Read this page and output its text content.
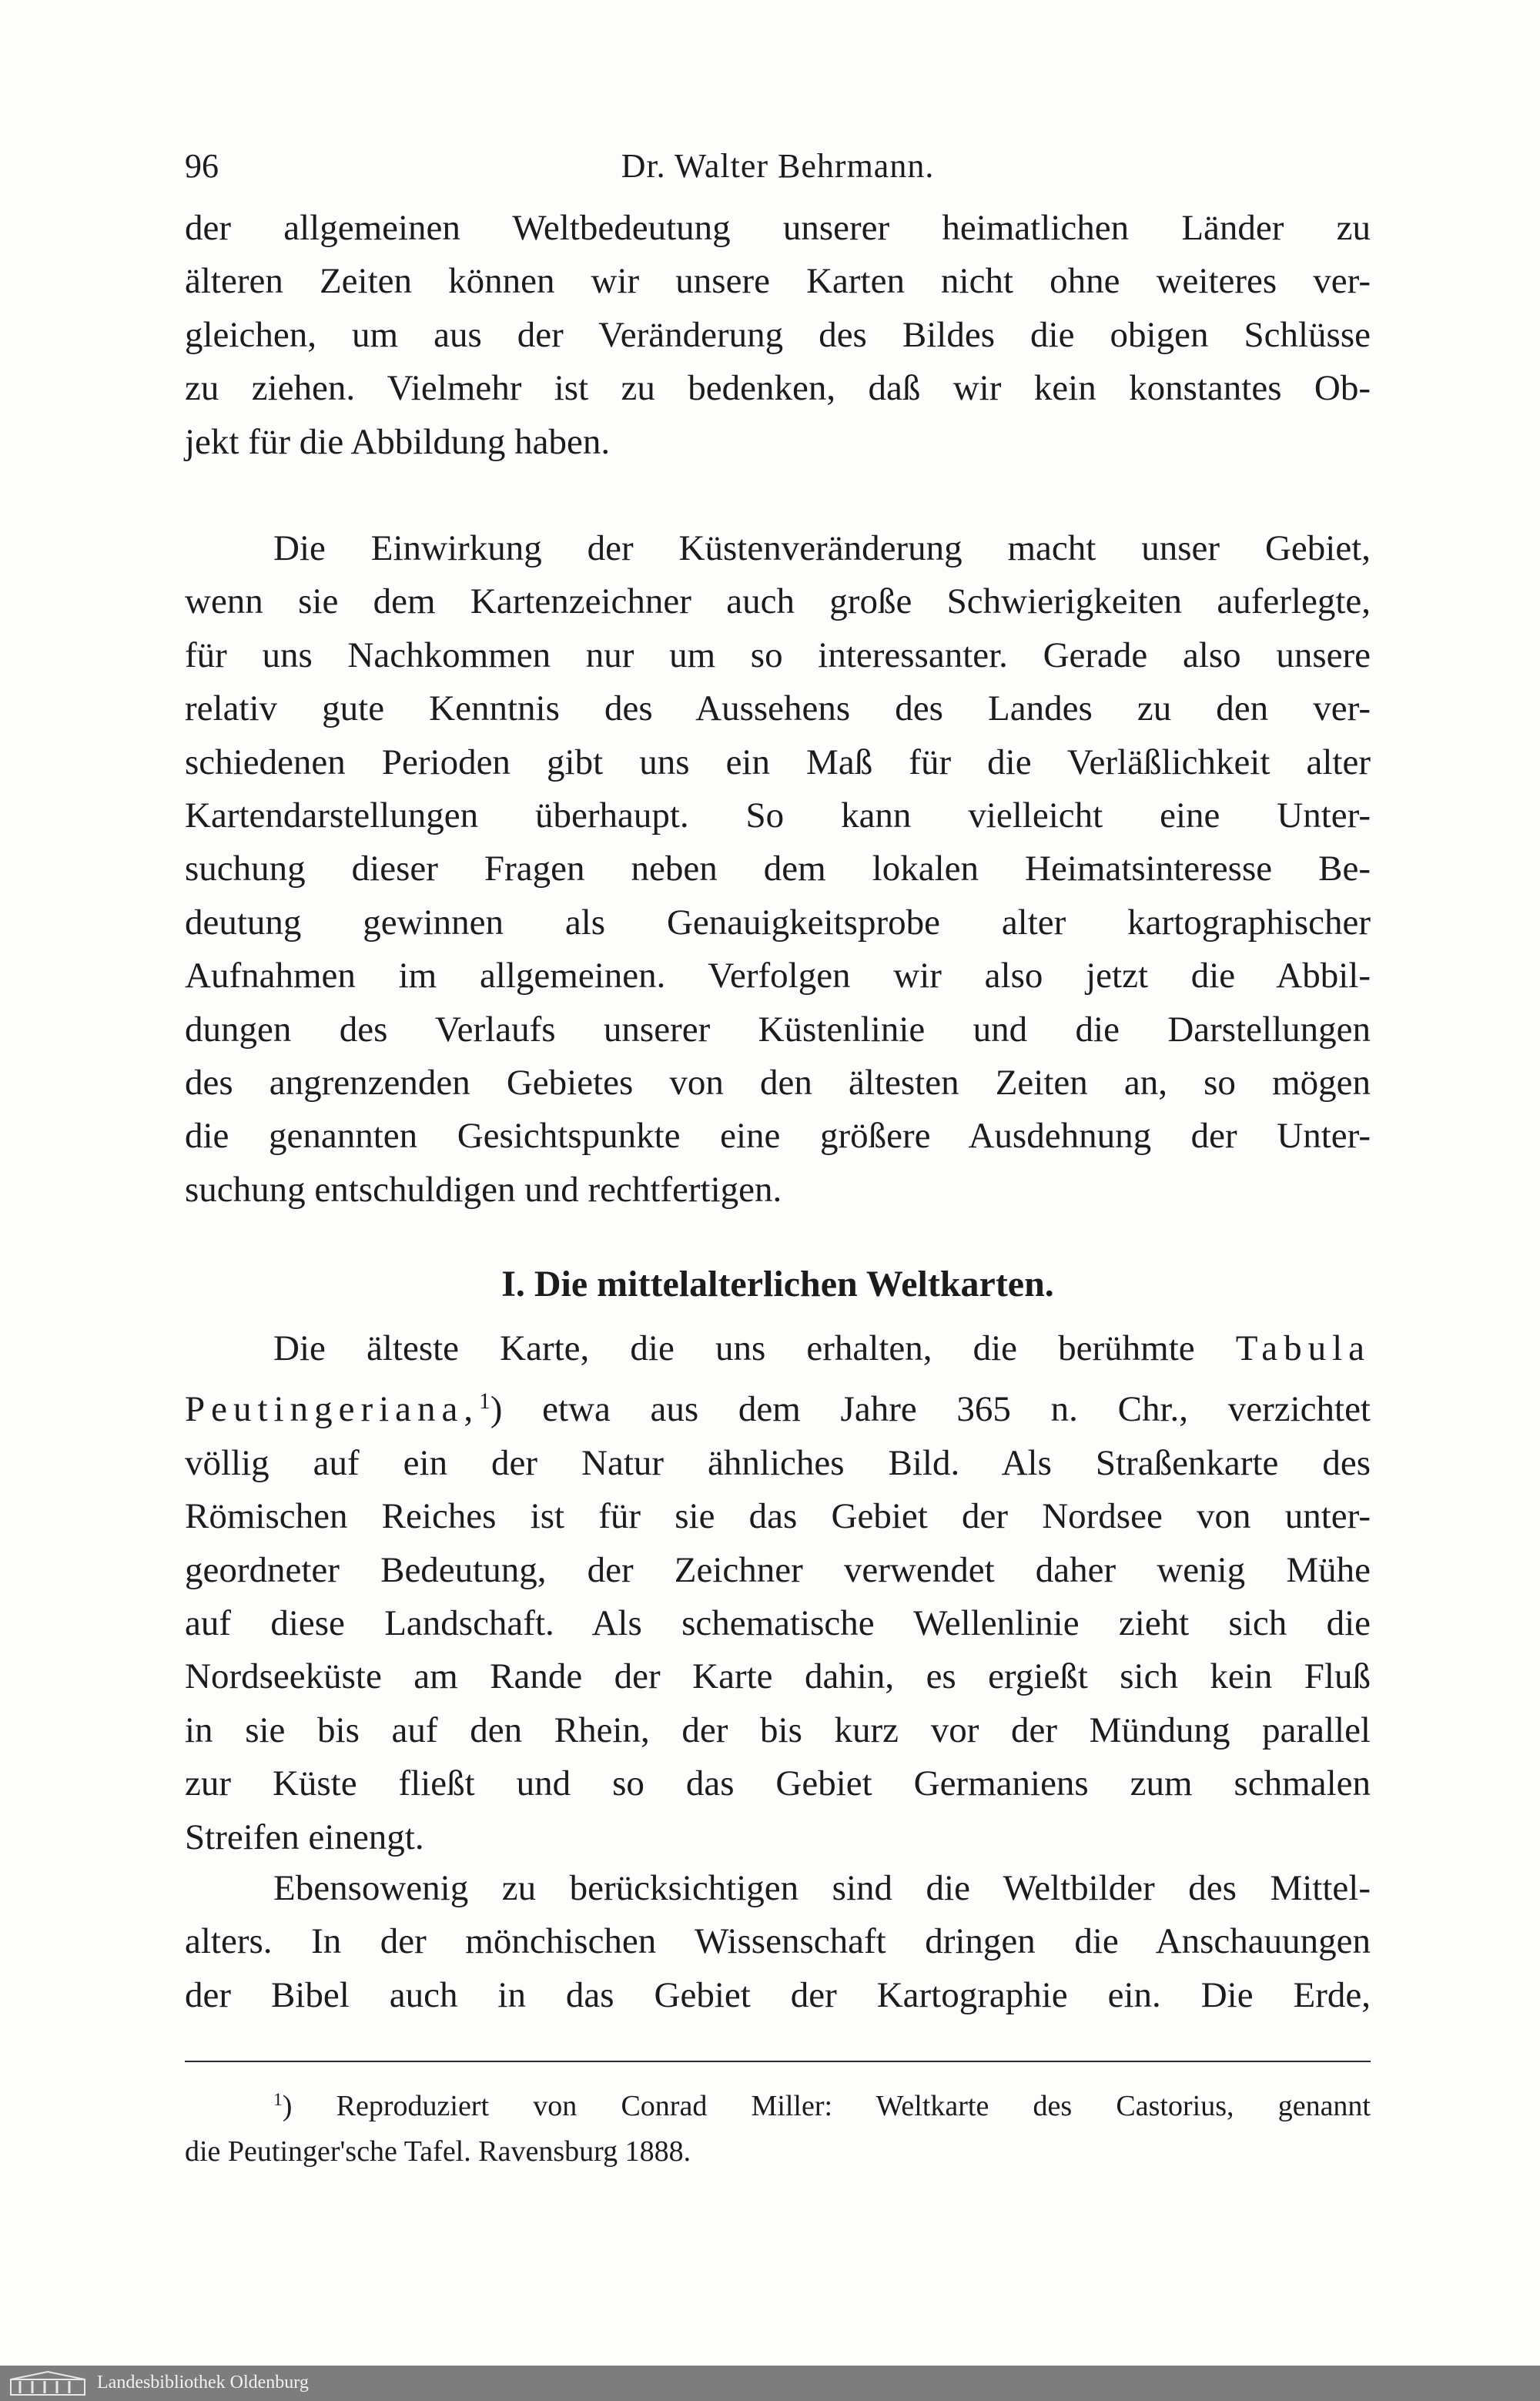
96	Dr. Walter Behrmann.
der allgemeinen Weltbedeutung unserer heimatlichen Länder zu
älteren Zeiten können wir unsere Karten nicht ohne weiteres ver-
gleichen, um aus der Veränderung des Bildes die obigen Schlüsse
zu ziehen. Vielmehr ist zu bedenken, daß wir kein konstantes Ob-
jekt für die Abbildung haben.
Die Einwirkung der Küstenveränderung macht unser Gebiet,
wenn sie dem Kartenzeichner auch große Schwierigkeiten auferlegte,
für uns Nachkommen nur um so interessanter. Gerade also unsere
relativ gute Kenntnis des Aussehens des Landes zu den ver-
schiedenen Perioden gibt uns ein Maß für die Verläßlichkeit alter
Kartendarstellungen überhaupt. So kann vielleicht eine Unter-
suchung dieser Fragen neben dem lokalen Heimatsinteresse Be-
deutung gewinnen als Genauigkeitsprobe alter kartographischer
Aufnahmen im allgemeinen. Verfolgen wir also jetzt die Abbil-
dungen des Verlaufs unserer Küstenlinie und die Darstellungen
des angrenzenden Gebietes von den ältesten Zeiten an, so mögen
die genannten Gesichtspunkte eine größere Ausdehnung der Unter-
suchung entschuldigen und rechtfertigen.
I. Die mittelalterlichen Weltkarten.
Die älteste Karte, die uns erhalten, die berühmte Tabula
Peutingeriana,$^1$) etwa aus dem Jahre 365 n. Chr., verzichtet
völlig auf ein der Natur ähnliches Bild. Als Straßenkarte des
Römischen Reiches ist für sie das Gebiet der Nordsee von unter-
geordneter Bedeutung, der Zeichner verwendet daher wenig Mühe
auf diese Landschaft. Als schematische Wellenlinie zieht sich die
Nordseeküste am Rande der Karte dahin, es ergießt sich kein Fluß
in sie bis auf den Rhein, der bis kurz vor der Mündung parallel
zur Küste fließt und so das Gebiet Germaniens zum schmalen
Streifen einengt.
Ebensowenig zu berücksichtigen sind die Weltbilder des Mittel-
alters. In der mönchischen Wissenschaft dringen die Anschauungen
der Bibel auch in das Gebiet der Kartographie ein. Die Erde,
$^1$) Reproduziert von Conrad Miller: Weltkarte des Castorius, genannt
die Peutinger'sche Tafel. Ravensburg 1888.
Landesbibliothek Oldenburg
